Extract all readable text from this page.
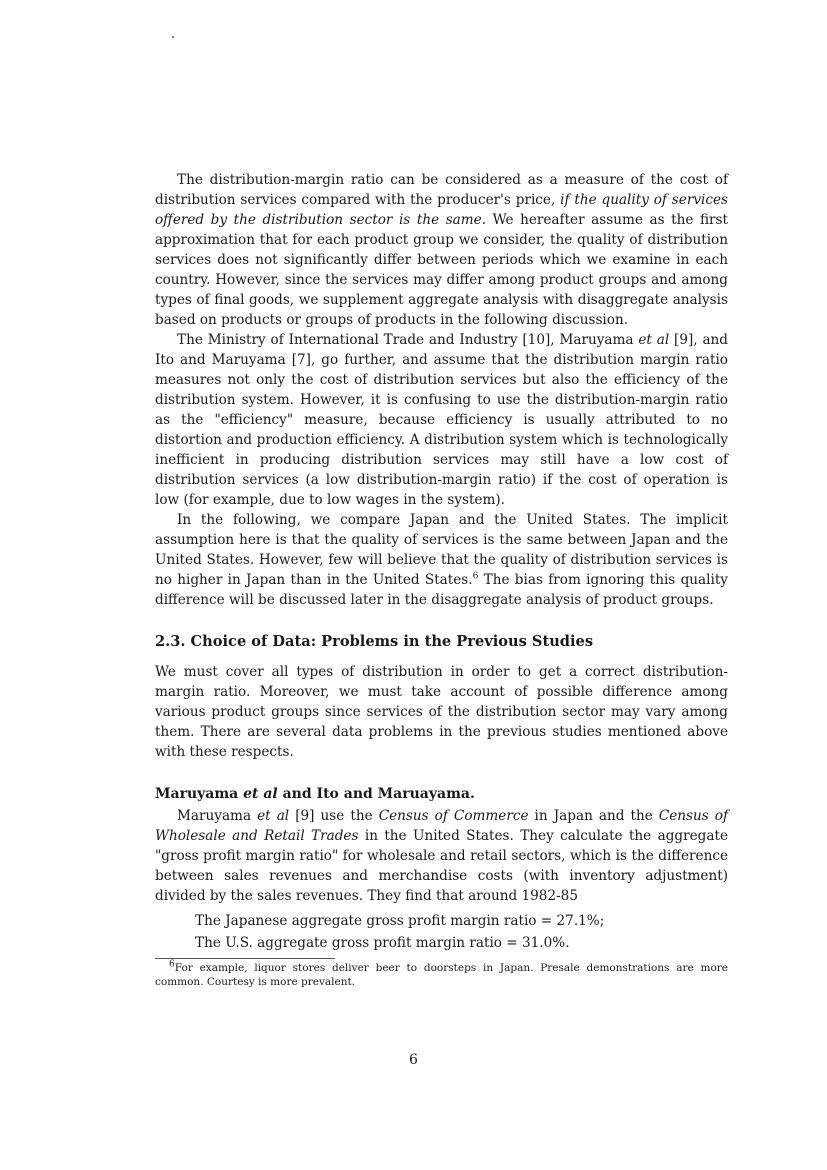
The distribution-margin ratio can be considered as a measure of the cost of distribution services compared with the producer's price, if the quality of services offered by the distribution sector is the same. We hereafter assume as the first approximation that for each product group we consider, the quality of distribution services does not significantly differ between periods which we examine in each country. However, since the services may differ among product groups and among types of final goods, we supplement aggregate analysis with disaggregate analysis based on products or groups of products in the following discussion.

The Ministry of International Trade and Industry [10], Maruyama et al [9], and Ito and Maruyama [7], go further, and assume that the distribution margin ratio measures not only the cost of distribution services but also the efficiency of the distribution system. However, it is confusing to use the distribution-margin ratio as the "efficiency" measure, because efficiency is usually attributed to no distortion and production efficiency. A distribution system which is technologically inefficient in producing distribution services may still have a low cost of distribution services (a low distribution-margin ratio) if the cost of operation is low (for example, due to low wages in the system).

In the following, we compare Japan and the United States. The implicit assumption here is that the quality of services is the same between Japan and the United States. However, few will believe that the quality of distribution services is no higher in Japan than in the United States.$^6$ The bias from ignoring this quality difference will be discussed later in the disaggregate analysis of product groups.

2.3. Choice of Data: Problems in the Previous Studies

We must cover all types of distribution in order to get a correct distribution-margin ratio. Moreover, we must take account of possible difference among various product groups since services of the distribution sector may vary among them. There are several data problems in the previous studies mentioned above with these respects.

Maruyama et al and Ito and Maruayama.

Maruyama et al [9] use the Census of Commerce in Japan and the Census of Wholesale and Retail Trades in the United States. They calculate the aggregate "gross profit margin ratio" for wholesale and retail sectors, which is the difference between sales revenues and merchandise costs (with inventory adjustment) divided by the sales revenues. They find that around 1982-85

The Japanese aggregate gross profit margin ratio = 27.1%;
The U.S. aggregate gross profit margin ratio = 31.0%.

6For example, liquor stores deliver beer to doorsteps in Japan. Presale demonstrations are more common. Courtesy is more prevalent.

6
